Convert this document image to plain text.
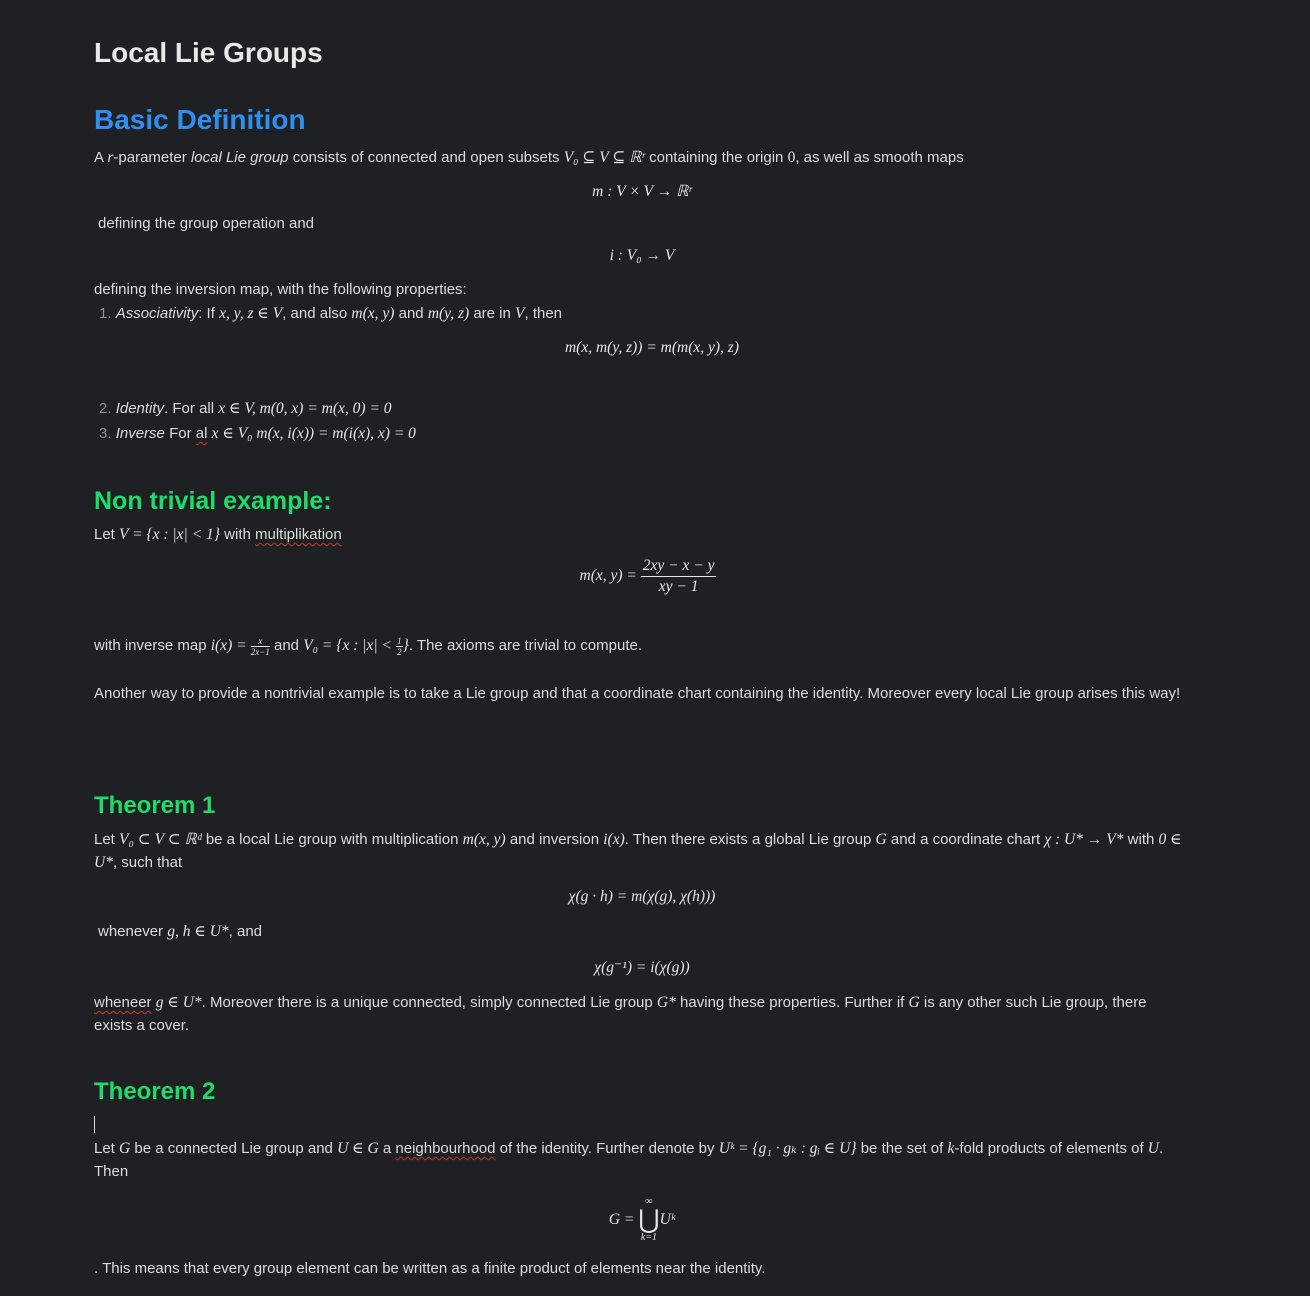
Local Lie Groups
Basic Definition

A r-parameter local Lie group consists of connected and open subsets V₀ ⊆ V ⊆ ℝʳ containing the origin 0, as well as smooth maps

m : V × V → ℝʳ

defining the group operation and

i : V₀ → V

defining the inversion map, with the following properties:

1. Associativity: If x, y, z ∈ V, and also m(x, y) and m(y, z) are in V, then
m(x, m(y, z)) = m(m(x, y), z)
2. Identity. For all x ∈ V, m(0, x) = m(x, 0) = 0
3. Inverse For al x ∈ V₀ m(x, i(x)) = m(i(x), x) = 0
Non trivial example:

Let V = {x : |x| < 1} with multiplikation

m(x, $y) = \frac{2xy - x - y}{xy - 1}$

with inverse map $i(x) = \frac{x}{2x-1}$ and V₀ = {x : $|x| < \frac{1}{2}$ }. The axioms are trivial to compute.

Another way to provide a nontrivial example is to take a Lie group and that a coordinate chart containing the identity. Moreover every local Lie group arises this way!

Theorem 1

Let V₀ ⊂ V ⊂ ℝᵈ be a local Lie group with multiplication m(x, y) and inversion i(x). Then there exists a global Lie group G and a coordinate chart χ : U* → V* with 0 ∈ U*, such that

χ(g · h) = m(χ(g), χ(h)))

whenever g, h ∈ U*, and

χ(g⁻¹) = i(χ(g))

wheneer g ∈ U*. Moreover there is a unique connected, simply connected Lie group G* having these properties. Further if G is any other such Lie group, there exists a cover.

Theorem 2

Let G be a connected Lie group and U ∈ G a neighbourhood of the identity. Further denote by Uᵏ = {g₁ · gₖ : gᵢ ∈ U} be the set of k-fold products of elements of U. Then

G =
∞
⋃
k=1
Uᵏ

. This means that every group element can be written as a finite product of elements near the identity.
